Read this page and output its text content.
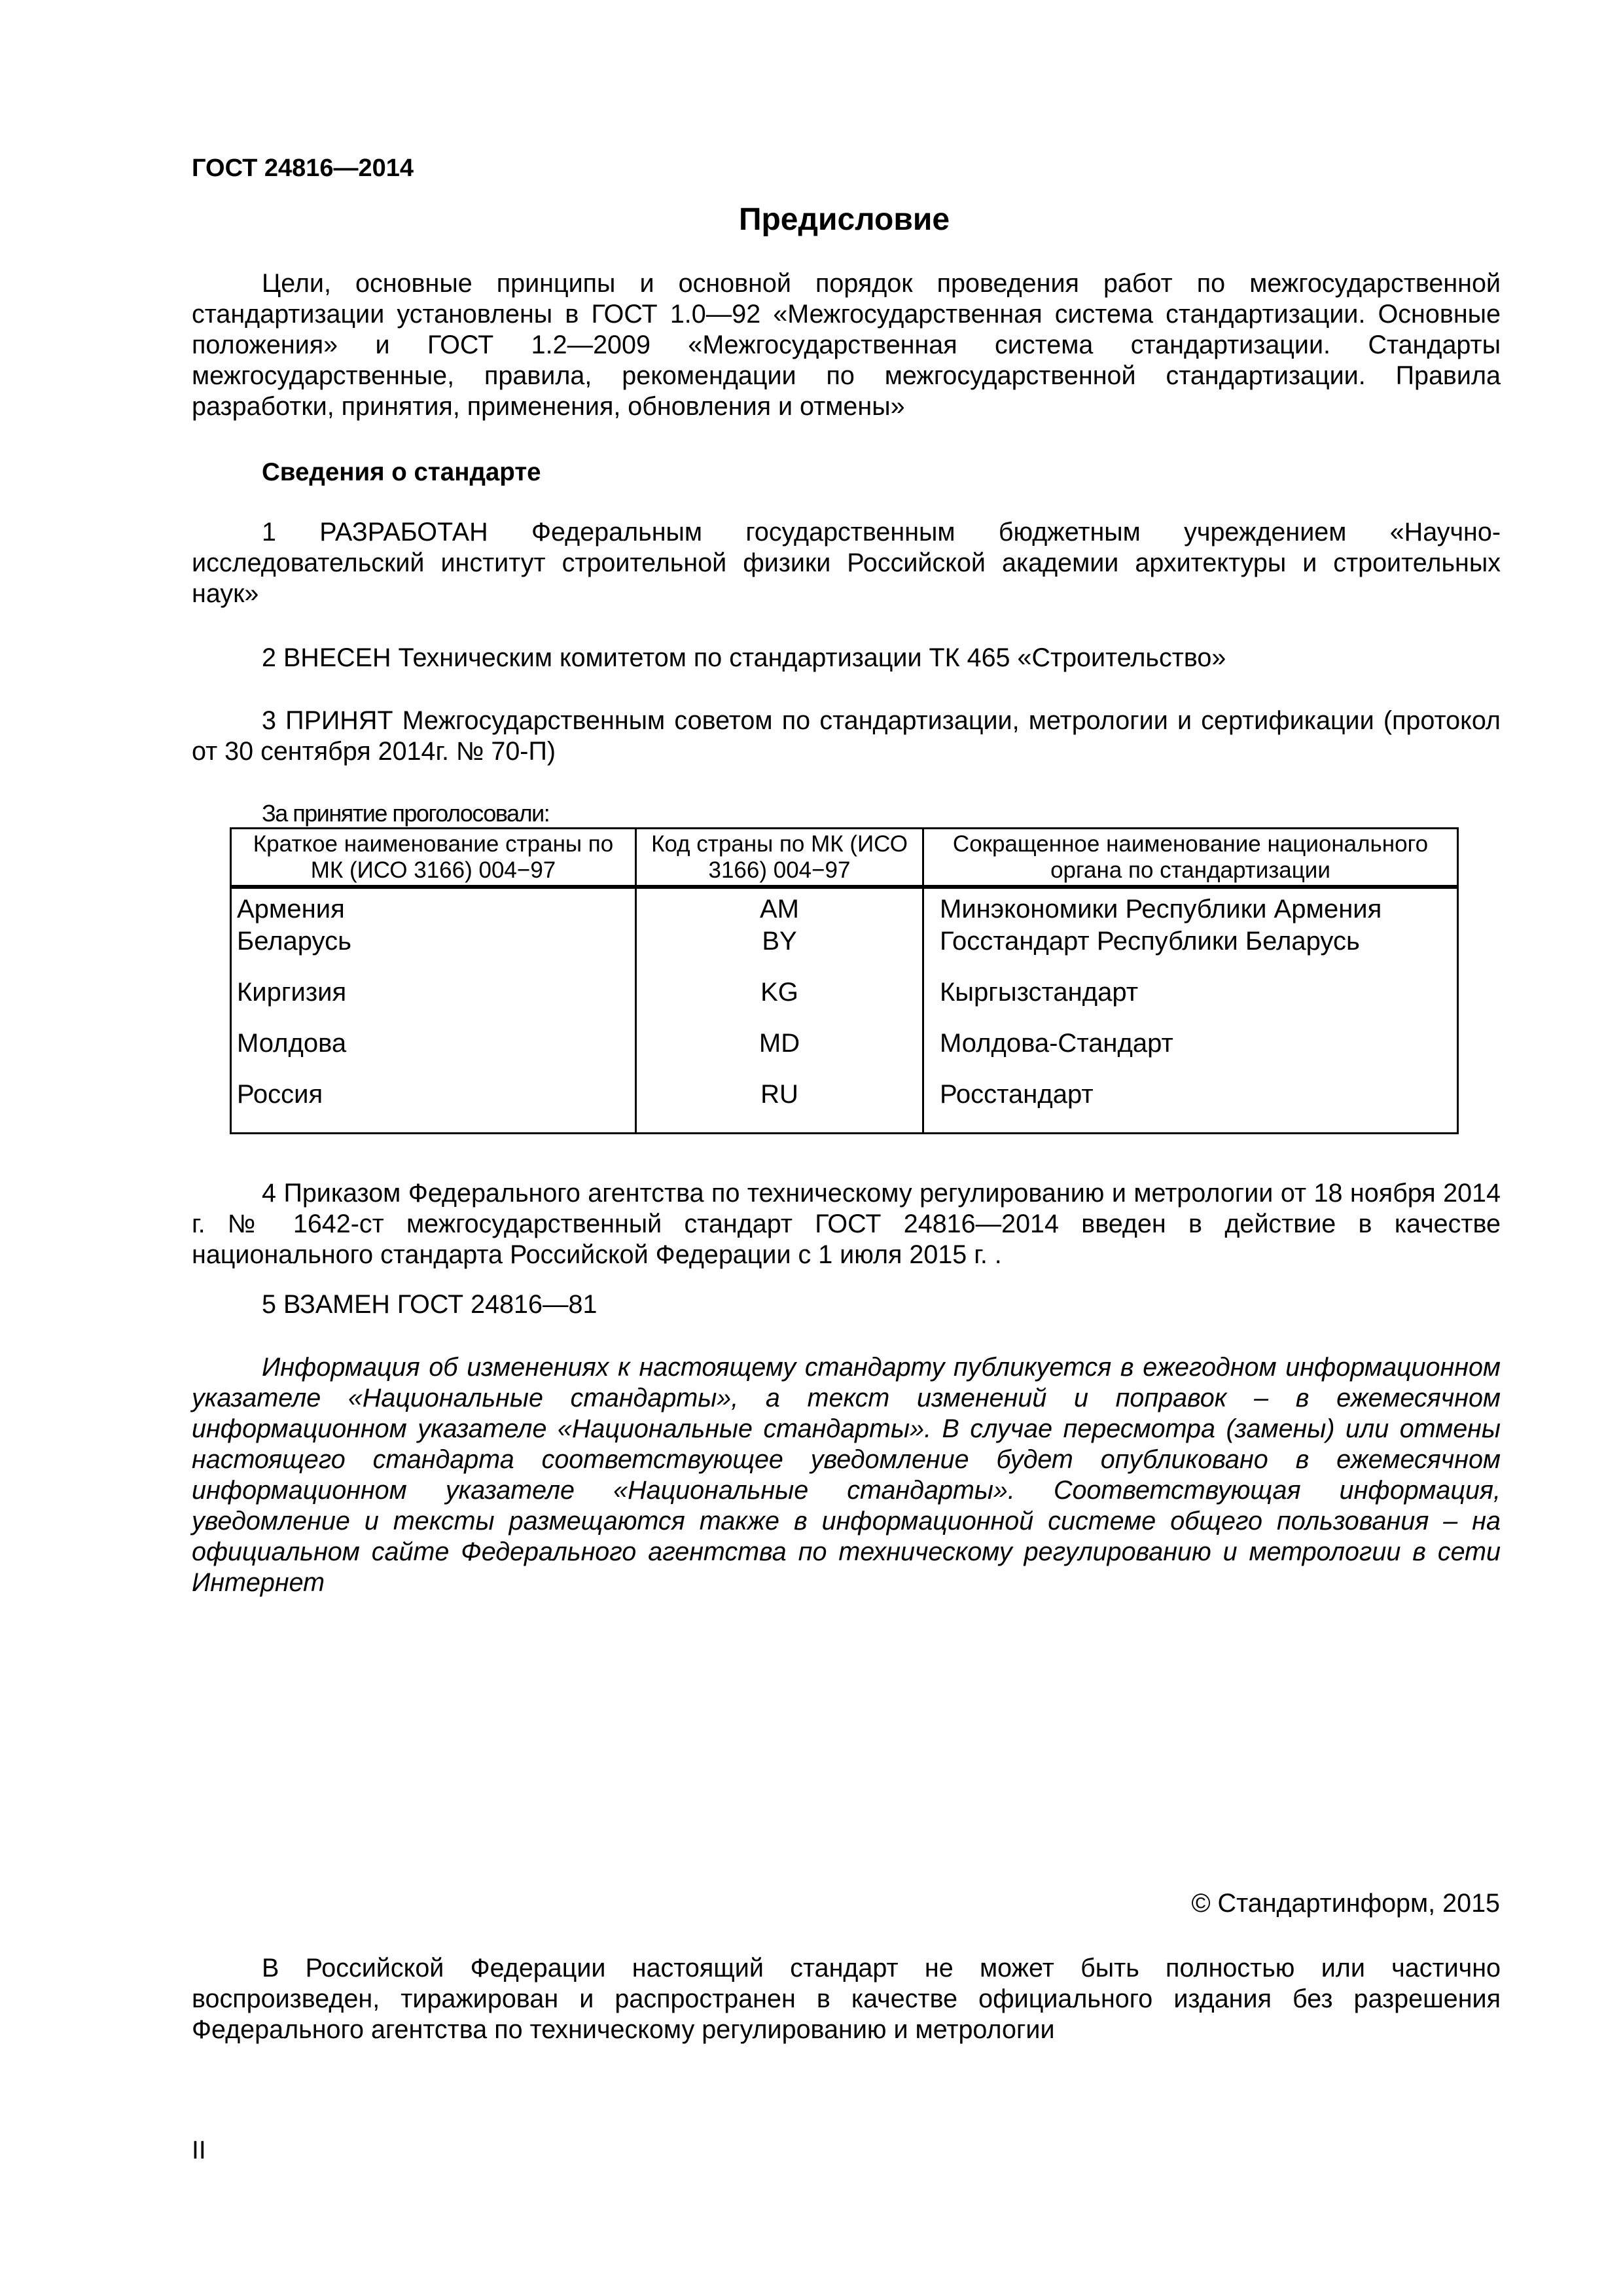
ГОСТ 24816—2014
Предисловие
Цели, основные принципы и основной порядок проведения работ по межгосударственной стандартизации установлены в ГОСТ 1.0—92 «Межгосударственная система стандартизации. Основные положения» и ГОСТ 1.2—2009 «Межгосударственная система стандартизации. Стандарты межгосударственные, правила, рекомендации по межгосударственной стандартизации. Правила разработки, принятия, применения, обновления и отмены»
Сведения о стандарте
1 РАЗРАБОТАН Федеральным государственным бюджетным учреждением «Научно-исследовательский институт строительной физики Российской академии архитектуры и строительных наук»
2 ВНЕСЕН Техническим комитетом по стандартизации ТК 465 «Строительство»
3 ПРИНЯТ Межгосударственным советом по стандартизации, метрологии и сертификации (протокол от 30 сентября 2014г. № 70-П)
За принятие проголосовали:
Краткое наименование страны по МК (ИСО 3166) 004−97	Код страны по МК (ИСО 3166) 004−97	Сокращенное наименование национального органа по стандартизации
Армения	AM	Минэкономики Республики Армения
Беларусь	BY	Госстандарт Республики Беларусь
Киргизия	KG	Кыргызстандарт
Молдова	MD	Молдова-Стандарт
Россия	RU	Росстандарт
4 Приказом Федерального агентства по техническому регулированию и метрологии от 18 ноября 2014 г. № 1642-ст межгосударственный стандарт ГОСТ 24816—2014 введен в действие в качестве национального стандарта Российской Федерации с 1 июля 2015 г. .
5 ВЗАМЕН ГОСТ 24816—81
Информация об изменениях к настоящему стандарту публикуется в ежегодном информационном указателе «Национальные стандарты», а текст изменений и поправок – в ежемесячном информационном указателе «Национальные стандарты». В случае пересмотра (замены) или отмены настоящего стандарта соответствующее уведомление будет опубликовано в ежемесячном информационном указателе «Национальные стандарты». Соответствующая информация, уведомление и тексты размещаются также в информационной системе общего пользования – на официальном сайте Федерального агентства по техническому регулированию и метрологии в сети Интернет
© Стандартинформ, 2015
В Российской Федерации настоящий стандарт не может быть полностью или частично воспроизведен, тиражирован и распространен в качестве официального издания без разрешения Федерального агентства по техническому регулированию и метрологии
II
